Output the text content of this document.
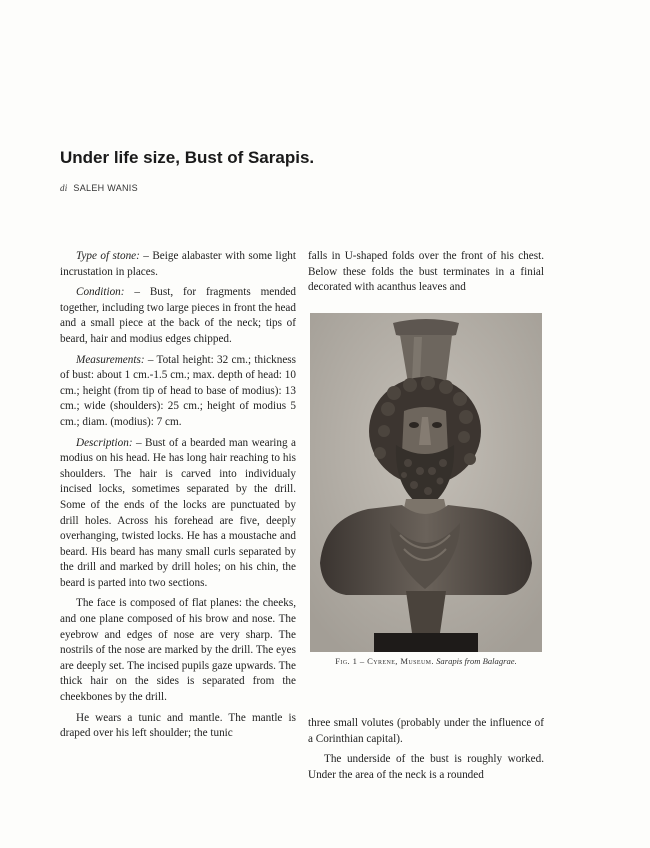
Under life size, Bust of Sarapis.
di SALEH WANIS

Type of stone: – Beige alabaster with some light incrustation in places.

Condition: – Bust, for fragments mended together, including two large pieces in front the head and a small piece at the back of the neck; tips of beard, hair and modius edges chipped.

Measurements: – Total height: 32 cm.; thickness of bust: about 1 cm.-1.5 cm.; max. depth of head: 10 cm.; height (from tip of head to base of modius): 13 cm.; wide (shoulders): 25 cm.; height of modius 5 cm.; diam. (modius): 7 cm.

Description: – Bust of a bearded man wearing a modius on his head. He has long hair reaching to his shoulders. The hair is carved into individualy incised locks, sometimes separated by the drill. Some of the ends of the locks are punctuated by drill holes. Across his forehead are five, deeply overhanging, twisted locks. He has a moustache and beard. His beard has many small curls separated by the drill and marked by drill holes; on his chin, the beard is parted into two sections.

The face is composed of flat planes: the cheeks, and one plane composed of his brow and nose. The eyebrow and edges of nose are very sharp. The nostrils of the nose are marked by the drill. The eyes are deeply set. The incised pupils gaze upwards. The thick hair on the sides is separated from the cheekbones by the drill.

He wears a tunic and mantle. The mantle is draped over his left shoulder; the tunic

falls in U-shaped folds over the front of his chest. Below these folds the bust terminates in a finial decorated with acanthus leaves and

Fig. 1 – Cyrene, Museum. Sarapis from Balagrae.

three small volutes (probably under the influence of a Corinthian capital).

The underside of the bust is roughly worked. Under the area of the neck is a rounded
